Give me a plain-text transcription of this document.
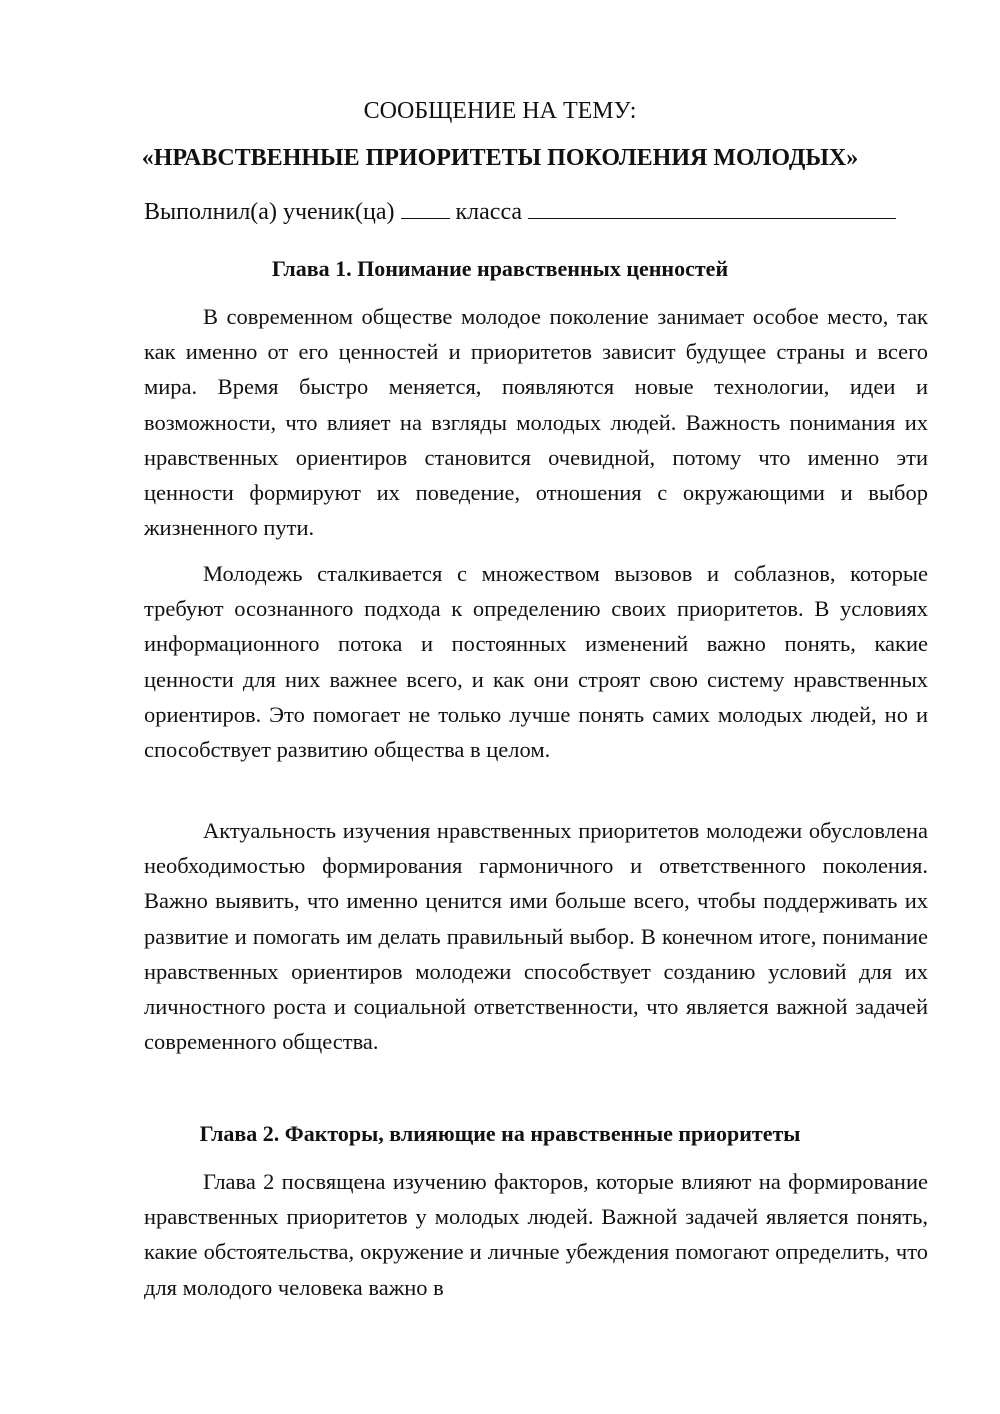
СООБЩЕНИЕ НА ТЕМУ:

«НРАВСТВЕННЫЕ ПРИОРИТЕТЫ ПОКОЛЕНИЯ МОЛОДЫХ»

Выполнил(а) ученик(ца)	класса

Глава 1. Понимание нравственных ценностей

В современном обществе молодое поколение занимает особое место, так как именно от его ценностей и приоритетов зависит будущее страны и всего мира. Время быстро меняется, появляются новые технологии, идеи и возможности, что влияет на взгляды молодых людей. Важность понимания их нравственных ориентиров становится очевидной, потому что именно эти ценности формируют их поведение, отношения с окружающими и выбор жизненного пути.

Молодежь сталкивается с множеством вызовов и соблазнов, которые требуют осознанного подхода к определению своих приоритетов. В условиях информационного потока и постоянных изменений важно понять, какие ценности для них важнее всего, и как они строят свою систему нравственных ориентиров. Это помогает не только лучше понять самих молодых людей, но и способствует развитию общества в целом.

Актуальность изучения нравственных приоритетов молодежи обусловлена необходимостью формирования гармоничного и ответственного поколения. Важно выявить, что именно ценится ими больше всего, чтобы поддерживать их развитие и помогать им делать правильный выбор. В конечном итоге, понимание нравственных ориентиров молодежи способствует созданию условий для их личностного роста и социальной ответственности, что является важной задачей современного общества.

Глава 2. Факторы, влияющие на нравственные приоритеты

Глава 2 посвящена изучению факторов, которые влияют на формирование нравственных приоритетов у молодых людей. Важной задачей является понять, какие обстоятельства, окружение и личные убеждения помогают определить, что для молодого человека важно в
